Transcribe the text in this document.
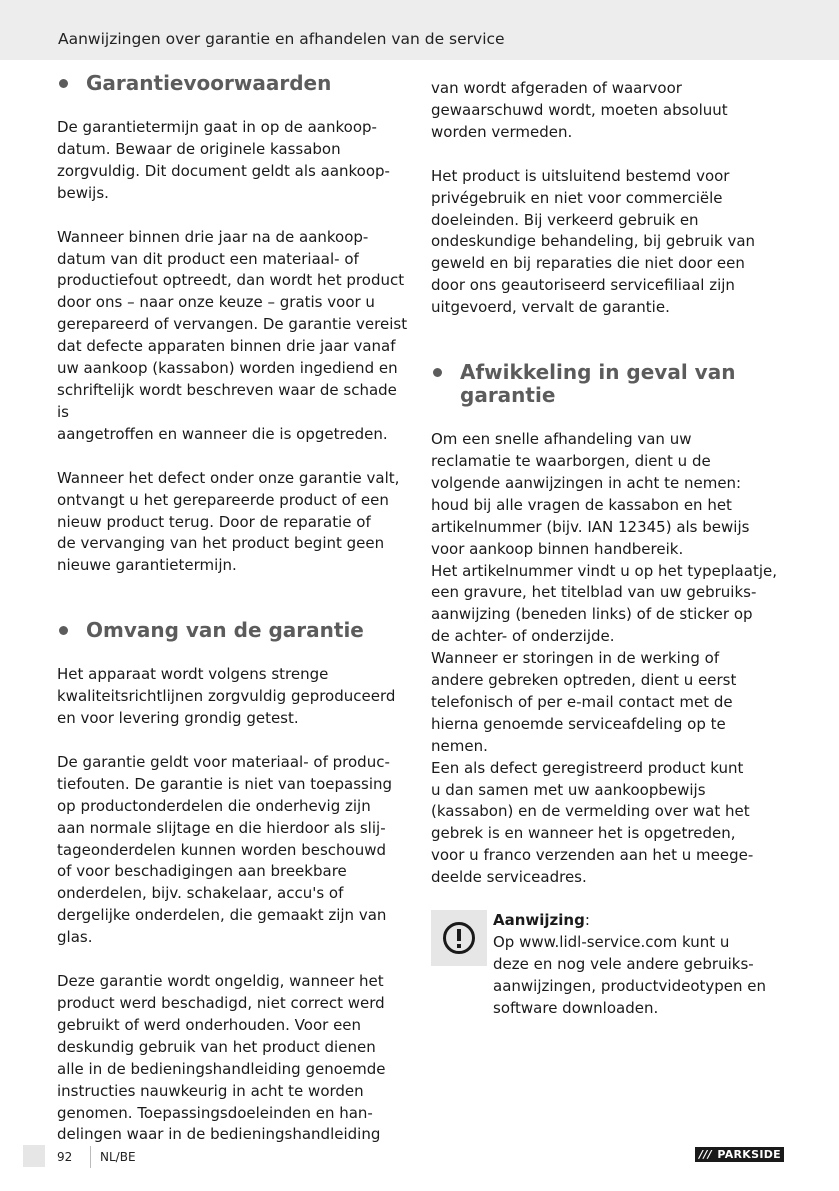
Aanwijzingen over garantie en afhandelen van de service
Garantievoorwaarden

De garantietermijn gaat in op de aankoop-
datum. Bewaar de originele kassabon
zorgvuldig. Dit document geldt als aankoop-
bewijs.

Wanneer binnen drie jaar na de aankoop-
datum van dit product een materiaal- of
productiefout optreedt, dan wordt het product
door ons – naar onze keuze – gratis voor u
gerepareerd of vervangen. De garantie vereist
dat defecte apparaten binnen drie jaar vanaf
uw aankoop (kassabon) worden ingediend en
schriftelijk wordt beschreven waar de schade is
aangetroffen en wanneer die is opgetreden.

Wanneer het defect onder onze garantie valt,
ontvangt u het gerepareerde product of een
nieuw product terug. Door de reparatie of
de vervanging van het product begint geen
nieuwe garantietermijn.

Omvang van de garantie

Het apparaat wordt volgens strenge
kwaliteitsrichtlijnen zorgvuldig geproduceerd
en voor levering grondig getest.

De garantie geldt voor materiaal- of produc-
tiefouten. De garantie is niet van toepassing
op productonderdelen die onderhevig zijn
aan normale slijtage en die hierdoor als slij-
tageonderdelen kunnen worden beschouwd
of voor beschadigingen aan breekbare
onderdelen, bijv. schakelaar, accu's of
dergelijke onderdelen, die gemaakt zijn van
glas.

Deze garantie wordt ongeldig, wanneer het
product werd beschadigd, niet correct werd
gebruikt of werd onderhouden. Voor een
deskundig gebruik van het product dienen
alle in de bedieningshandleiding genoemde
instructies nauwkeurig in acht te worden
genomen. Toepassingsdoeleinden en han-
delingen waar in de bedieningshandleiding

van wordt afgeraden of waarvoor
gewaarschuwd wordt, moeten absoluut
worden vermeden.

Het product is uitsluitend bestemd voor
privégebruik en niet voor commerciële
doeleinden. Bij verkeerd gebruik en
ondeskundige behandeling, bij gebruik van
geweld en bij reparaties die niet door een
door ons geautoriseerd servicefiliaal zijn
uitgevoerd, vervalt de garantie.

Afwikkeling in geval van
garantie

Om een snelle afhandeling van uw
reclamatie te waarborgen, dient u de
volgende aanwijzingen in acht te nemen:
houd bij alle vragen de kassabon en het
artikelnummer (bijv. IAN 12345) als bewijs
voor aankoop binnen handbereik.
Het artikelnummer vindt u op het typeplaatje,
een gravure, het titelblad van uw gebruiks-
aanwijzing (beneden links) of de sticker op
de achter- of onderzijde.
Wanneer er storingen in de werking of
andere gebreken optreden, dient u eerst
telefonisch of per e-mail contact met de
hierna genoemde serviceafdeling op te
nemen.
Een als defect geregistreerd product kunt
u dan samen met uw aankoopbewijs
(kassabon) en de vermelding over wat het
gebrek is en wanneer het is opgetreden,
voor u franco verzenden aan het u meege-
deelde serviceadres.

Aanwijzing:
Op www.lidl-service.com kunt u
deze en nog vele andere gebruiks-
aanwijzingen, productvideotypen en
software downloaden.
92 NL/BE	/// PARKSIDE
